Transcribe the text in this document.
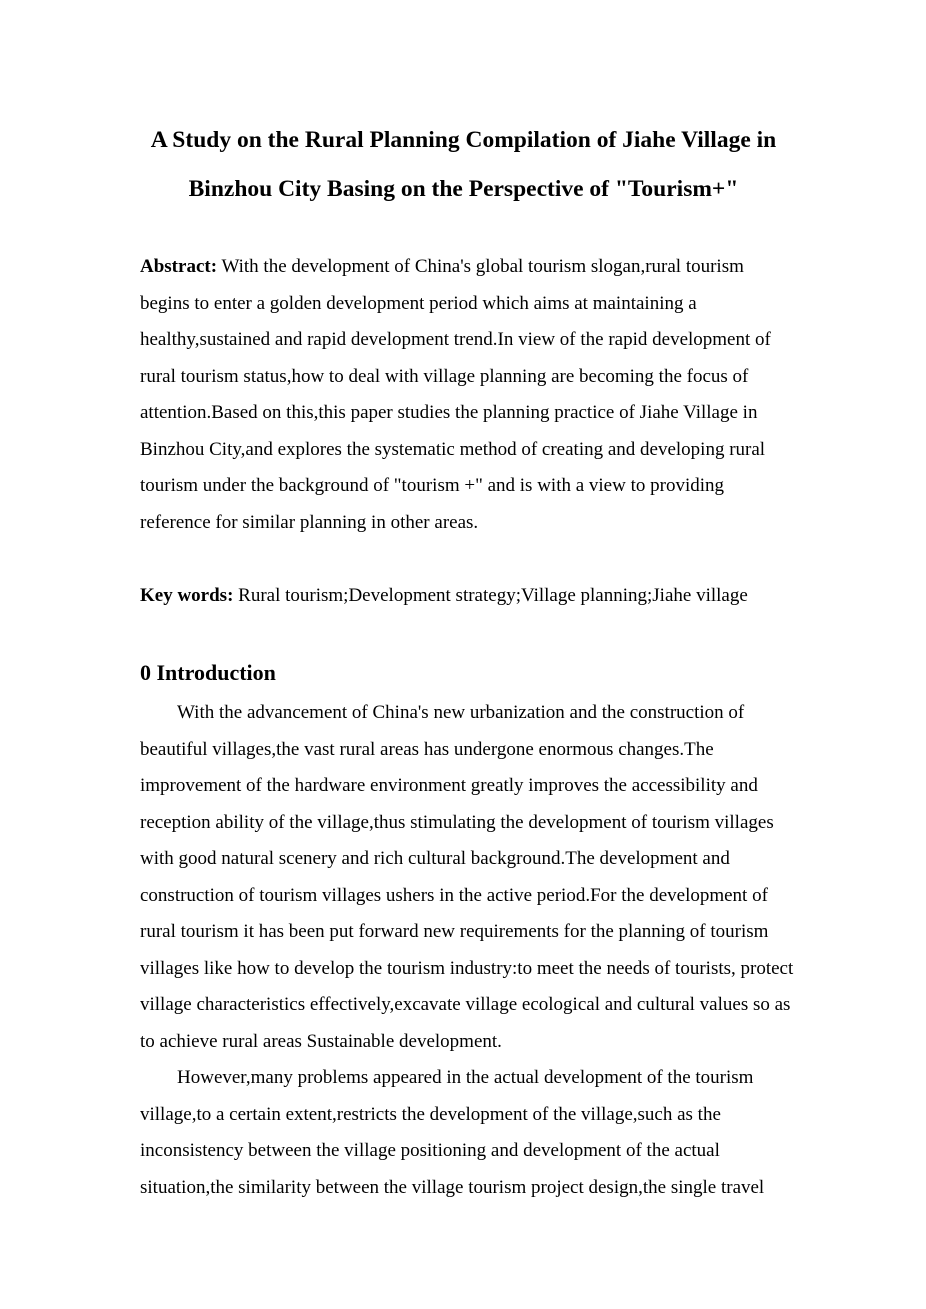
A Study on the Rural Planning Compilation of Jiahe Village in
Binzhou City Basing on the Perspective of "Tourism+"
Abstract: With the development of China's global tourism slogan,rural tourism
begins to enter a golden development period which aims at maintaining a
healthy,sustained and rapid development trend.In view of the rapid development of
rural tourism status,how to deal with village planning are becoming the focus of
attention.Based on this,this paper studies the planning practice of Jiahe Village in
Binzhou City,and explores the systematic method of creating and developing rural
tourism under the background of "tourism +" and is with a view to providing
reference for similar planning in other areas.
Key words: Rural tourism;Development strategy;Village planning;Jiahe village
0 Introduction
With the advancement of China's new urbanization and the construction of
beautiful villages,the vast rural areas has undergone enormous changes.The
improvement of the hardware environment greatly improves the accessibility and
reception ability of the village,thus stimulating the development of tourism villages
with good natural scenery and rich cultural background.The development and
construction of tourism villages ushers in the active period.For the development of
rural tourism it has been put forward new requirements for the planning of tourism
villages like how to develop the tourism industry:to meet the needs of tourists, protect
village characteristics effectively,excavate village ecological and cultural values so as
to achieve rural areas Sustainable development.
However,many problems appeared in the actual development of the tourism
village,to a certain extent,restricts the development of the village,such as the
inconsistency between the village positioning and development of the actual
situation,the similarity between the village tourism project design,the single travel
